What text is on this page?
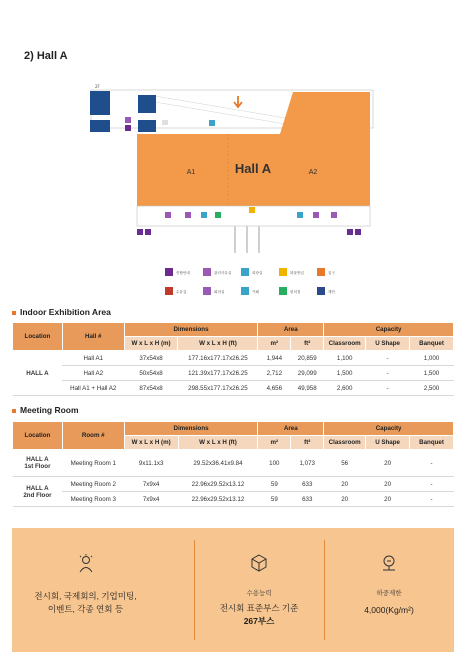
2) Hall A
2F
Hall A
A1	A2
종합안내	관리사무실	화장실	화물반입	입구
수유실	회의실	카페	편의점	계단
Indoor Exhibition Area
Location	Hall #	Dimensions		Area		Capacity		
		W x L x H (m)	W x L x H (ft)	m²	ft²	Classroom	U Shape	Banquet
HALL A	Hall A1	37x54x8	177.16x177.17x26.25	1,944	20,859	1,100	-	1,000
	Hall A2	50x54x8	121.39x177.17x26.25	2,712	29,099	1,500	-	1,500
	Hall A1 + Hall A2	87x54x8	298.55x177.17x26.25	4,656	49,958	2,600	-	2,500
Meeting Room
Location	Room #	Dimensions		Area		Capacity		
		W x L x H (m)	W x L x H (ft)	m²	ft²	Classroom	U Shape	Banquet
HALL A
1st Floor	Meeting Room 1	9x11.1x3	29.52x36.41x9.84	100	1,073	56	20	-
HALL A
2nd Floor	Meeting Room 2	7x9x4	22.96x29.52x13.12	59	633	20	20	-
	Meeting Room 3	7x9x4	22.96x29.52x13.12	59	633	20	20	-
전시회, 국제회의, 기업미팅,
이벤트, 각종 연회 등
수용능력
전시회 표준부스 기준
267부스
하중제한
4,000(Kg/m²)
